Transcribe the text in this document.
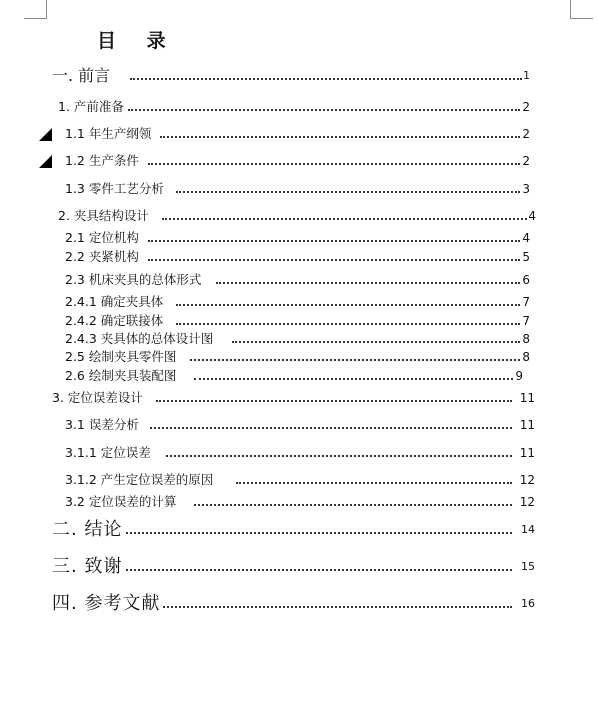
目 录
一. 前言	1
1. 产前准备	2
1.1 年生产纲领	2
1.2 生产条件	2
1.3 零件工艺分析	3
2. 夹具结构设计	4
2.1 定位机构	4
2.2 夹紧机构	5
2.3 机床夹具的总体形式	6
2.4.1 确定夹具体	7
2.4.2 确定联接体	7
2.4.3 夹具体的总体设计图	8
2.5 绘制夹具零件图	8
2.6 绘制夹具装配图	9
3. 定位误差设计	11
3.1 误差分析	11
3.1.1 定位误差	11
3.1.2 产生定位误差的原因	12
3.2 定位误差的计算	12
二. 结论	14
三. 致谢	15
四. 参考文献	16
